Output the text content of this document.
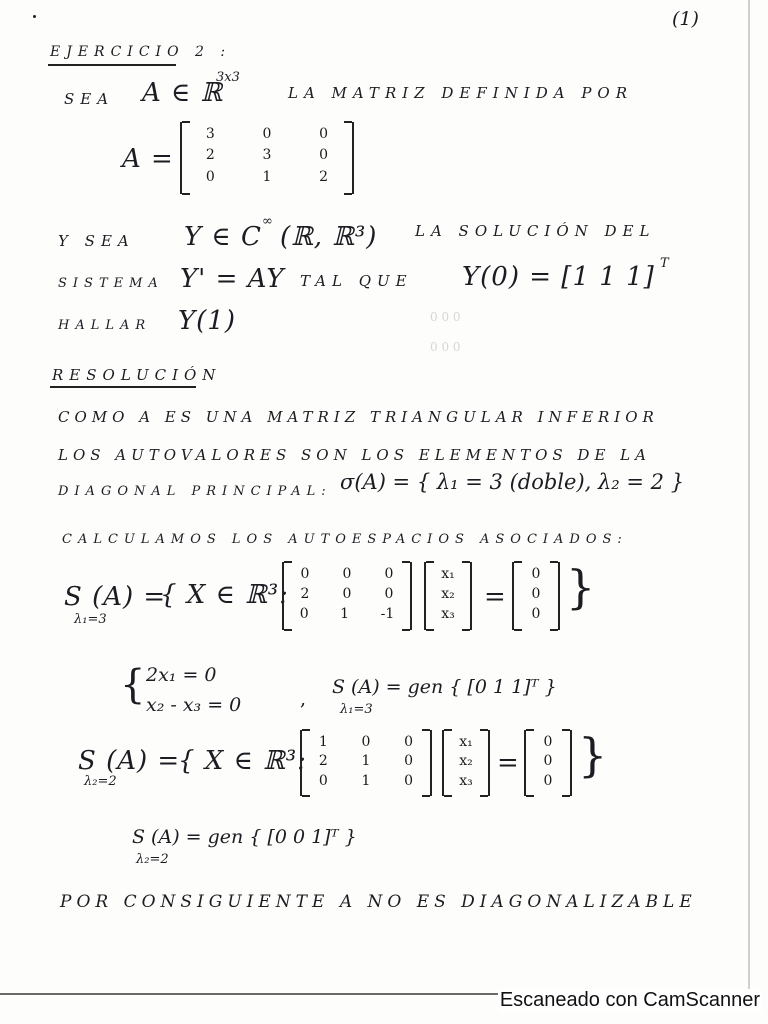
(1)
EJERCICIO 2 :
SEA A ∈ ℝ
3x3
LA MATRIZ DEFINIDA POR
A =
3	0	0
2	3	0
0	1	2
Y SEA Y ∈ C
∞
(ℝ, ℝ³)	LA SOLUCIÓN DEL
SISTEMA Y' = AY TAL QUE Y(0) = [1 1 1] T
HALLAR Y(1)	0 0 0
0 0 0
RESOLUCIÓN
COMO A ES UNA MATRIZ TRIANGULAR INFERIOR
LOS AUTOVALORES SON LOS ELEMENTOS DE LA
DIAGONAL PRINCIPAL: σ(A) = { λ₁ = 3 (doble), λ₂ = 2 }
CALCULAMOS LOS AUTOESPACIOS ASOCIADOS:
S (A) =
λ₁=3
{ X ∈ ℝ³:
0 0 0
2 0 0
0 1 -1
x₁
x₂
x₃
=
0
0
0 }
{ 2x₁ = 0
x₂ - x₃ = 0	,
S (A) = gen { [0 1 1]ᵀ }
λ₁=3
S (A) =
λ₂=2
{ X ∈ ℝ³:
1 0 0
2 1 0
0 1 0
x₁
x₂
x₃
=
0
0
0 }
S (A) = gen { [0 0 1]ᵀ }
λ₂=2
POR CONSIGUIENTE A NO ES DIAGONALIZABLE
Escaneado con CamScanner
